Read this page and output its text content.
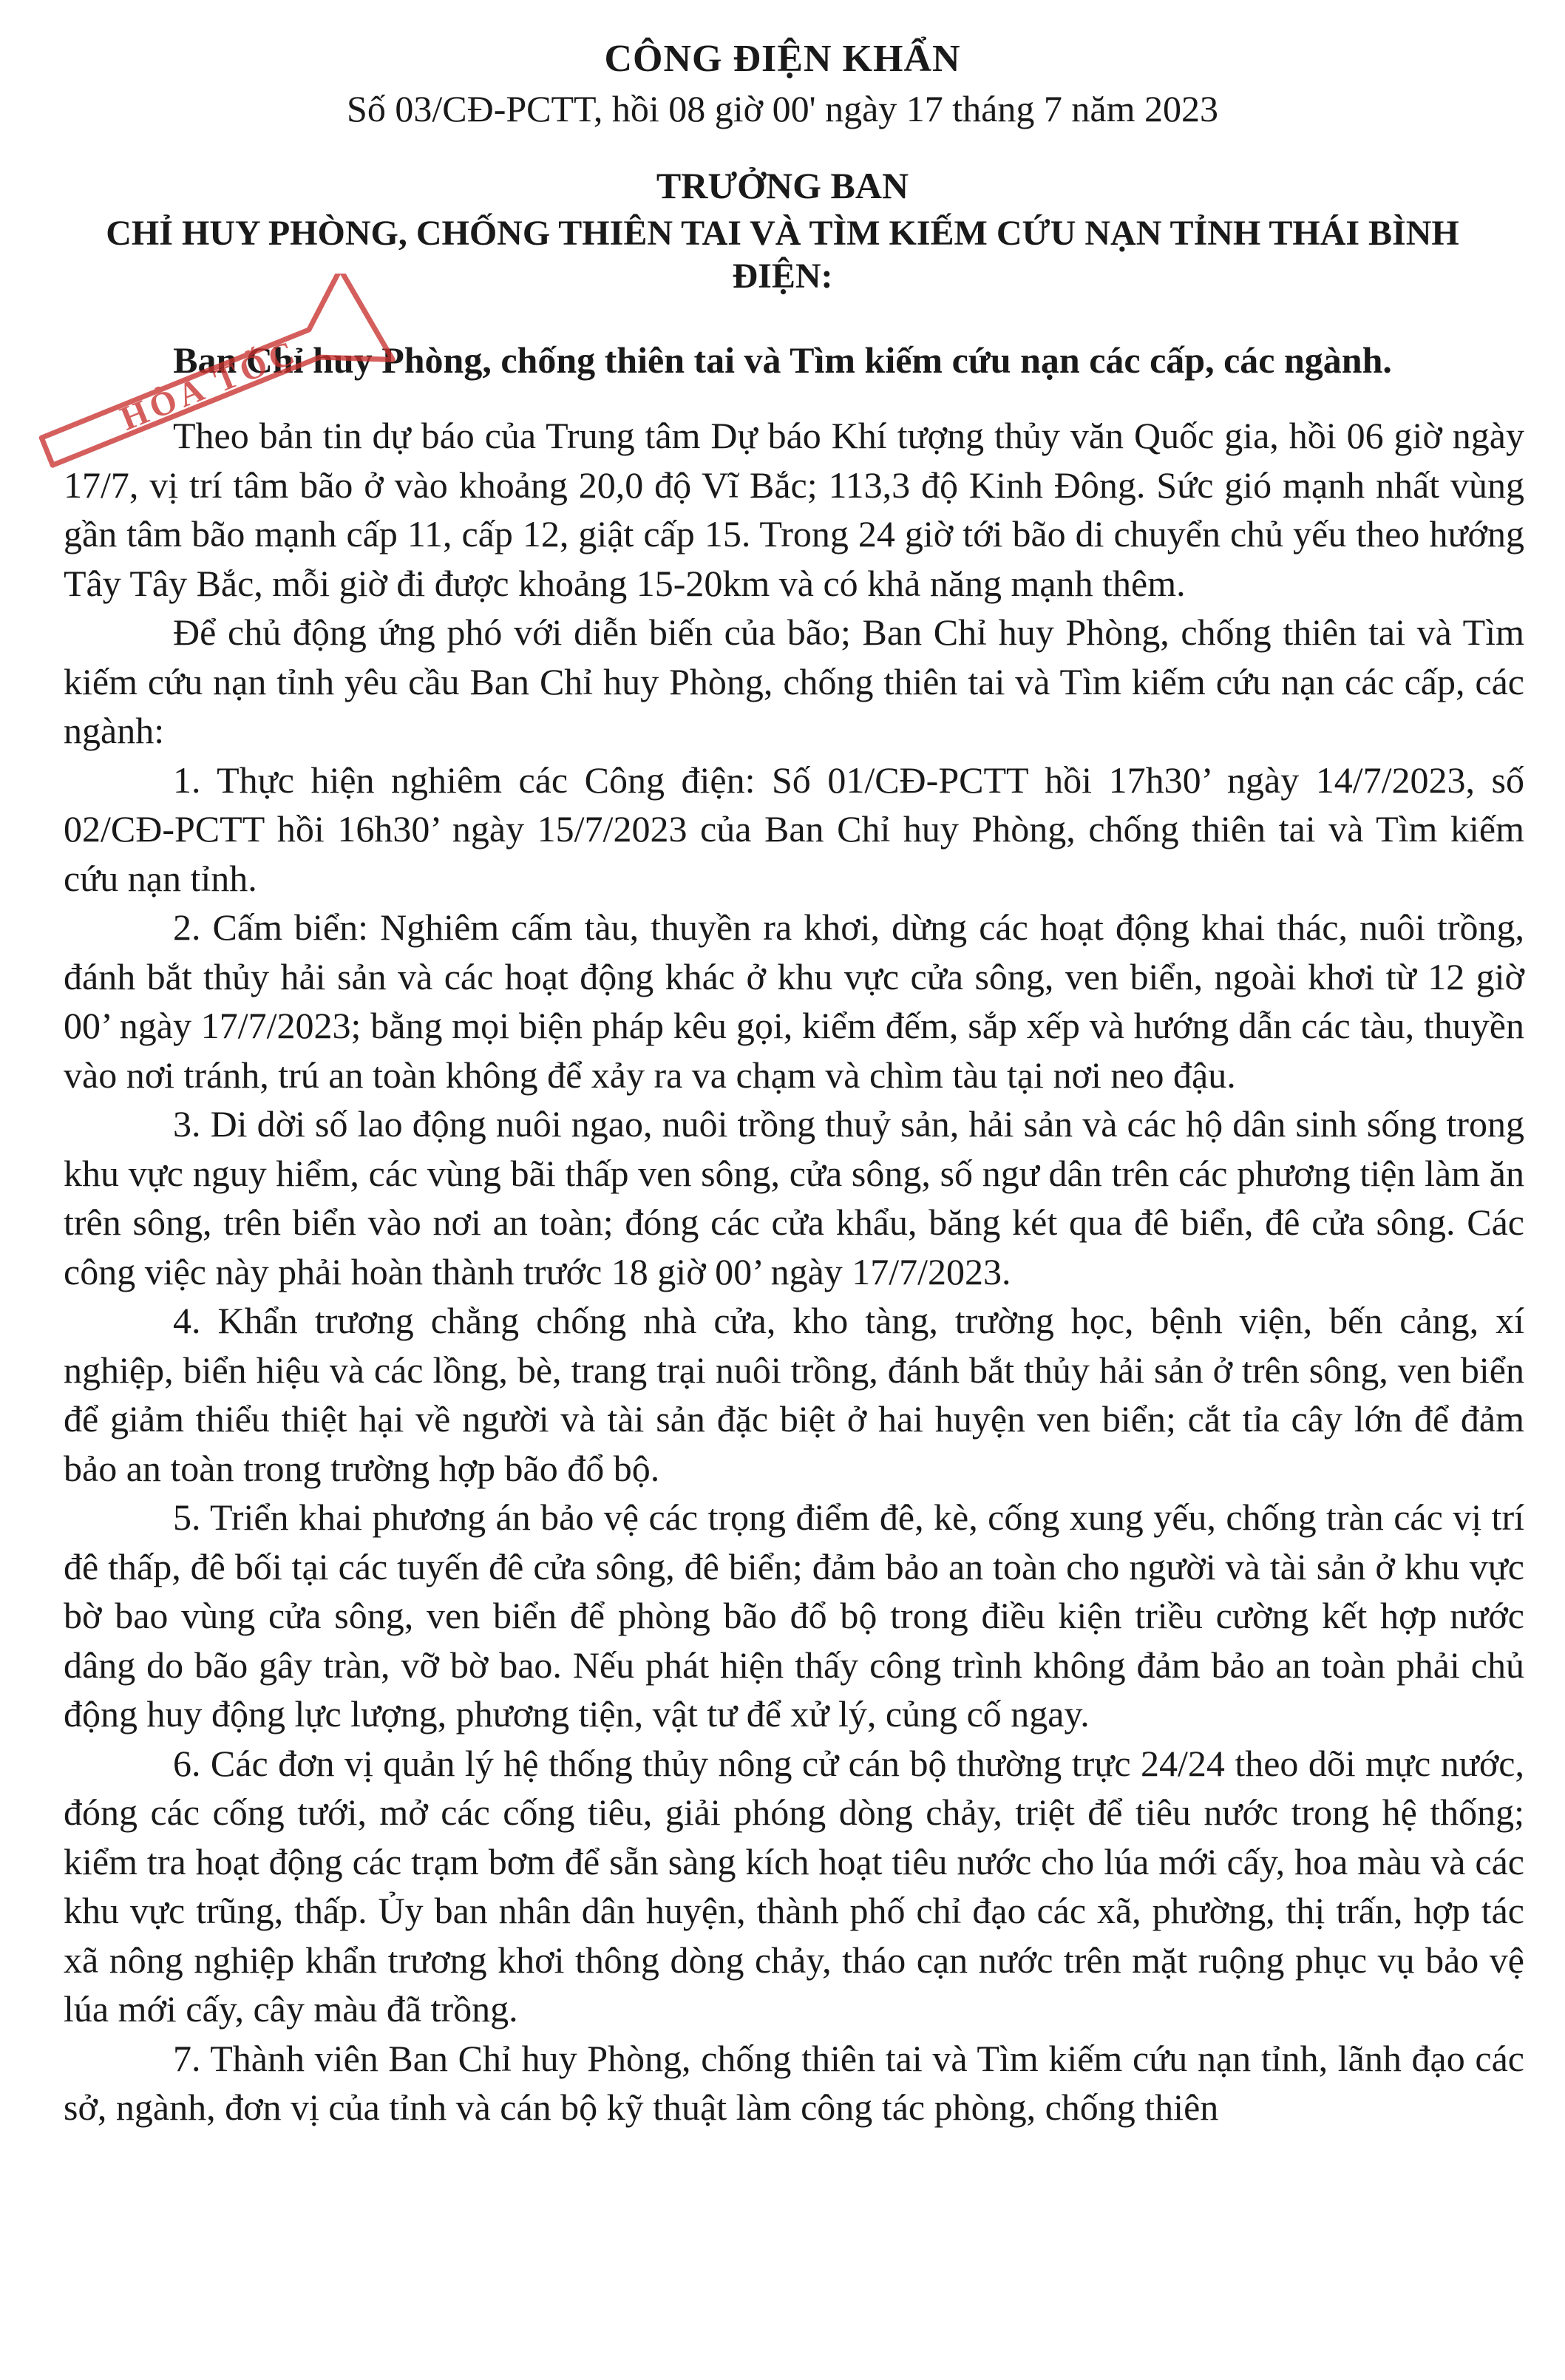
CÔNG ĐIỆN KHẨN
Số 03/CĐ-PCTT, hồi 08 giờ 00' ngày 17 tháng 7 năm 2023
TRƯỞNG BAN
CHỈ HUY PHÒNG, CHỐNG THIÊN TAI VÀ TÌM KIẾM CỨU NẠN TỈNH THÁI BÌNH
ĐIỆN:
Ban Chỉ huy Phòng, chống thiên tai và Tìm kiếm cứu nạn các cấp, các ngành.

Theo bản tin dự báo của Trung tâm Dự báo Khí tượng thủy văn Quốc gia, hồi 06 giờ ngày 17/7, vị trí tâm bão ở vào khoảng 20,0 độ Vĩ Bắc; 113,3 độ Kinh Đông. Sức gió mạnh nhất vùng gần tâm bão mạnh cấp 11, cấp 12, giật cấp 15. Trong 24 giờ tới bão di chuyển chủ yếu theo hướng Tây Tây Bắc, mỗi giờ đi được khoảng 15-20km và có khả năng mạnh thêm.

Để chủ động ứng phó với diễn biến của bão; Ban Chỉ huy Phòng, chống thiên tai và Tìm kiếm cứu nạn tỉnh yêu cầu Ban Chỉ huy Phòng, chống thiên tai và Tìm kiếm cứu nạn các cấp, các ngành:

1. Thực hiện nghiêm các Công điện: Số 01/CĐ-PCTT hồi 17h30’ ngày 14/7/2023, số 02/CĐ-PCTT hồi 16h30’ ngày 15/7/2023 của Ban Chỉ huy Phòng, chống thiên tai và Tìm kiếm cứu nạn tỉnh.

2. Cấm biển: Nghiêm cấm tàu, thuyền ra khơi, dừng các hoạt động khai thác, nuôi trồng, đánh bắt thủy hải sản và các hoạt động khác ở khu vực cửa sông, ven biển, ngoài khơi từ 12 giờ 00’ ngày 17/7/2023; bằng mọi biện pháp kêu gọi, kiểm đếm, sắp xếp và hướng dẫn các tàu, thuyền vào nơi tránh, trú an toàn không để xảy ra va chạm và chìm tàu tại nơi neo đậu.

3. Di dời số lao động nuôi ngao, nuôi trồng thuỷ sản, hải sản và các hộ dân sinh sống trong khu vực nguy hiểm, các vùng bãi thấp ven sông, cửa sông, số ngư dân trên các phương tiện làm ăn trên sông, trên biển vào nơi an toàn; đóng các cửa khẩu, băng két qua đê biển, đê cửa sông. Các công việc này phải hoàn thành trước 18 giờ 00’ ngày 17/7/2023.

4. Khẩn trương chằng chống nhà cửa, kho tàng, trường học, bệnh viện, bến cảng, xí nghiệp, biển hiệu và các lồng, bè, trang trại nuôi trồng, đánh bắt thủy hải sản ở trên sông, ven biển để giảm thiểu thiệt hại về người và tài sản đặc biệt ở hai huyện ven biển; cắt tỉa cây lớn để đảm bảo an toàn trong trường hợp bão đổ bộ.

5. Triển khai phương án bảo vệ các trọng điểm đê, kè, cống xung yếu, chống tràn các vị trí đê thấp, đê bối tại các tuyến đê cửa sông, đê biển; đảm bảo an toàn cho người và tài sản ở khu vực bờ bao vùng cửa sông, ven biển để phòng bão đổ bộ trong điều kiện triều cường kết hợp nước dâng do bão gây tràn, vỡ bờ bao. Nếu phát hiện thấy công trình không đảm bảo an toàn phải chủ động huy động lực lượng, phương tiện, vật tư để xử lý, củng cố ngay.

6. Các đơn vị quản lý hệ thống thủy nông cử cán bộ thường trực 24/24 theo dõi mực nước, đóng các cống tưới, mở các cống tiêu, giải phóng dòng chảy, triệt để tiêu nước trong hệ thống; kiểm tra hoạt động các trạm bơm để sẵn sàng kích hoạt tiêu nước cho lúa mới cấy, hoa màu và các khu vực trũng, thấp. Ủy ban nhân dân huyện, thành phố chỉ đạo các xã, phường, thị trấn, hợp tác xã nông nghiệp khẩn trương khơi thông dòng chảy, tháo cạn nước trên mặt ruộng phục vụ bảo vệ lúa mới cấy, cây màu đã trồng.

7. Thành viên Ban Chỉ huy Phòng, chống thiên tai và Tìm kiếm cứu nạn tỉnh, lãnh đạo các sở, ngành, đơn vị của tỉnh và cán bộ kỹ thuật làm công tác phòng, chống thiên

HỎA TỐC
